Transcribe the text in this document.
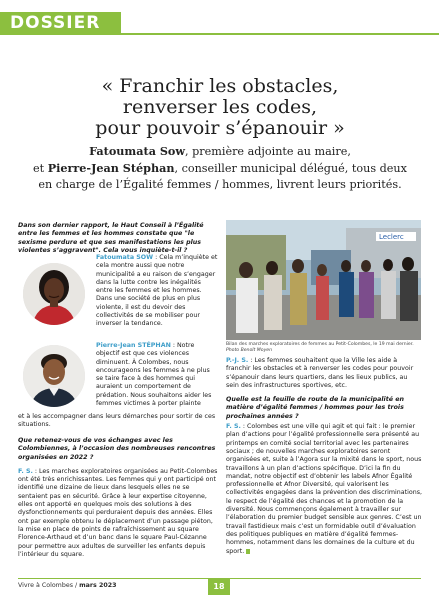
DOSSIER
« Franchir les obstacles,
renverser les codes,
pour pouvoir s’épanouir »
Fatoumata Sow, première adjointe au maire,
et Pierre-Jean Stéphan, conseiller municipal délégué, tous deux
en charge de l’Égalité femmes / hommes, livrent leurs priorités.
Dans son dernier rapport, le Haut Conseil à l’Égalité entre les femmes et les hommes constate que "le sexisme perdure et que ses manifestations les plus violentes s’aggravent". Cela vous inquiète-t-il ?
Fatoumata SOW : Cela m’inquiète et cela montre aussi que notre municipalité a eu raison de s’engager dans la lutte contre les inégalités entre les femmes et les hommes. Dans une société de plus en plus violente, il est du devoir des collectivités de se mobiliser pour inverser la tendance.
Pierre-Jean STÉPHAN : Notre objectif est que ces violences diminuent. À Colombes, nous encourageons les femmes à ne plus se taire face à des hommes qui auraient un comportement de prédation. Nous souhaitons aider les femmes victimes à porter plainte
et à les accompagner dans leurs démarches pour sortir de ces situations.
Que retenez-vous de vos échanges avec les Colombiennes, à l’occasion des nombreuses rencontres organisées en 2022 ?
F. S. : Les marches exploratoires organisées au Petit-Colombes ont été très enrichissantes. Les femmes qui y ont participé ont identifié une dizaine de lieux dans lesquels elles ne se sentaient pas en sécurité. Grâce à leur expertise citoyenne, elles ont apporté en quelques mois des solutions à des dysfonctionnements qui perduraient depuis des années. Elles ont par exemple obtenu le déplacement d’un passage piéton, la mise en place de points de rafraîchissement au square Florence-Arthaud et d’un banc dans le square Paul-Cézanne pour permettre aux adultes de surveiller les enfants depuis l’intérieur du square.
Leclerc
Bilan des marches exploratoires de femmes au Petit-Colombes, le 19 mai dernier.
Photo Benoît Moyen
P.-J. S. : Les femmes souhaitent que la Ville les aide à franchir les obstacles et à renverser les codes pour pouvoir s’épanouir dans leurs quartiers, dans les lieux publics, au sein des infrastructures sportives, etc.
Quelle est la feuille de route de la municipalité en matière d’égalité femmes / hommes pour les trois prochaines années ?
F. S. : Colombes est une ville qui agit et qui fait : le premier plan d’actions pour l’égalité professionnelle sera présenté au printemps en comité social territorial avec les partenaires sociaux ; de nouvelles marches exploratoires seront organisées et, suite à l’Agora sur la mixité dans le sport, nous travaillons à un plan d’actions spécifique. D’ici la fin du mandat, notre objectif est d’obtenir les labels Afnor Égalité professionnelle et Afnor Diversité, qui valorisent les collectivités engagées dans la prévention des discriminations, le respect de l’égalité des chances et la promotion de la diversité. Nous commençons également à travailler sur l’élaboration du premier budget sensible aux genres. C’est un travail fastidieux mais c’est un formidable outil d’évaluation des politiques publiques en matière d’égalité femmes-hommes, notamment dans les domaines de la culture et du sport.
Vivre à Colombes / mars 2023	18
